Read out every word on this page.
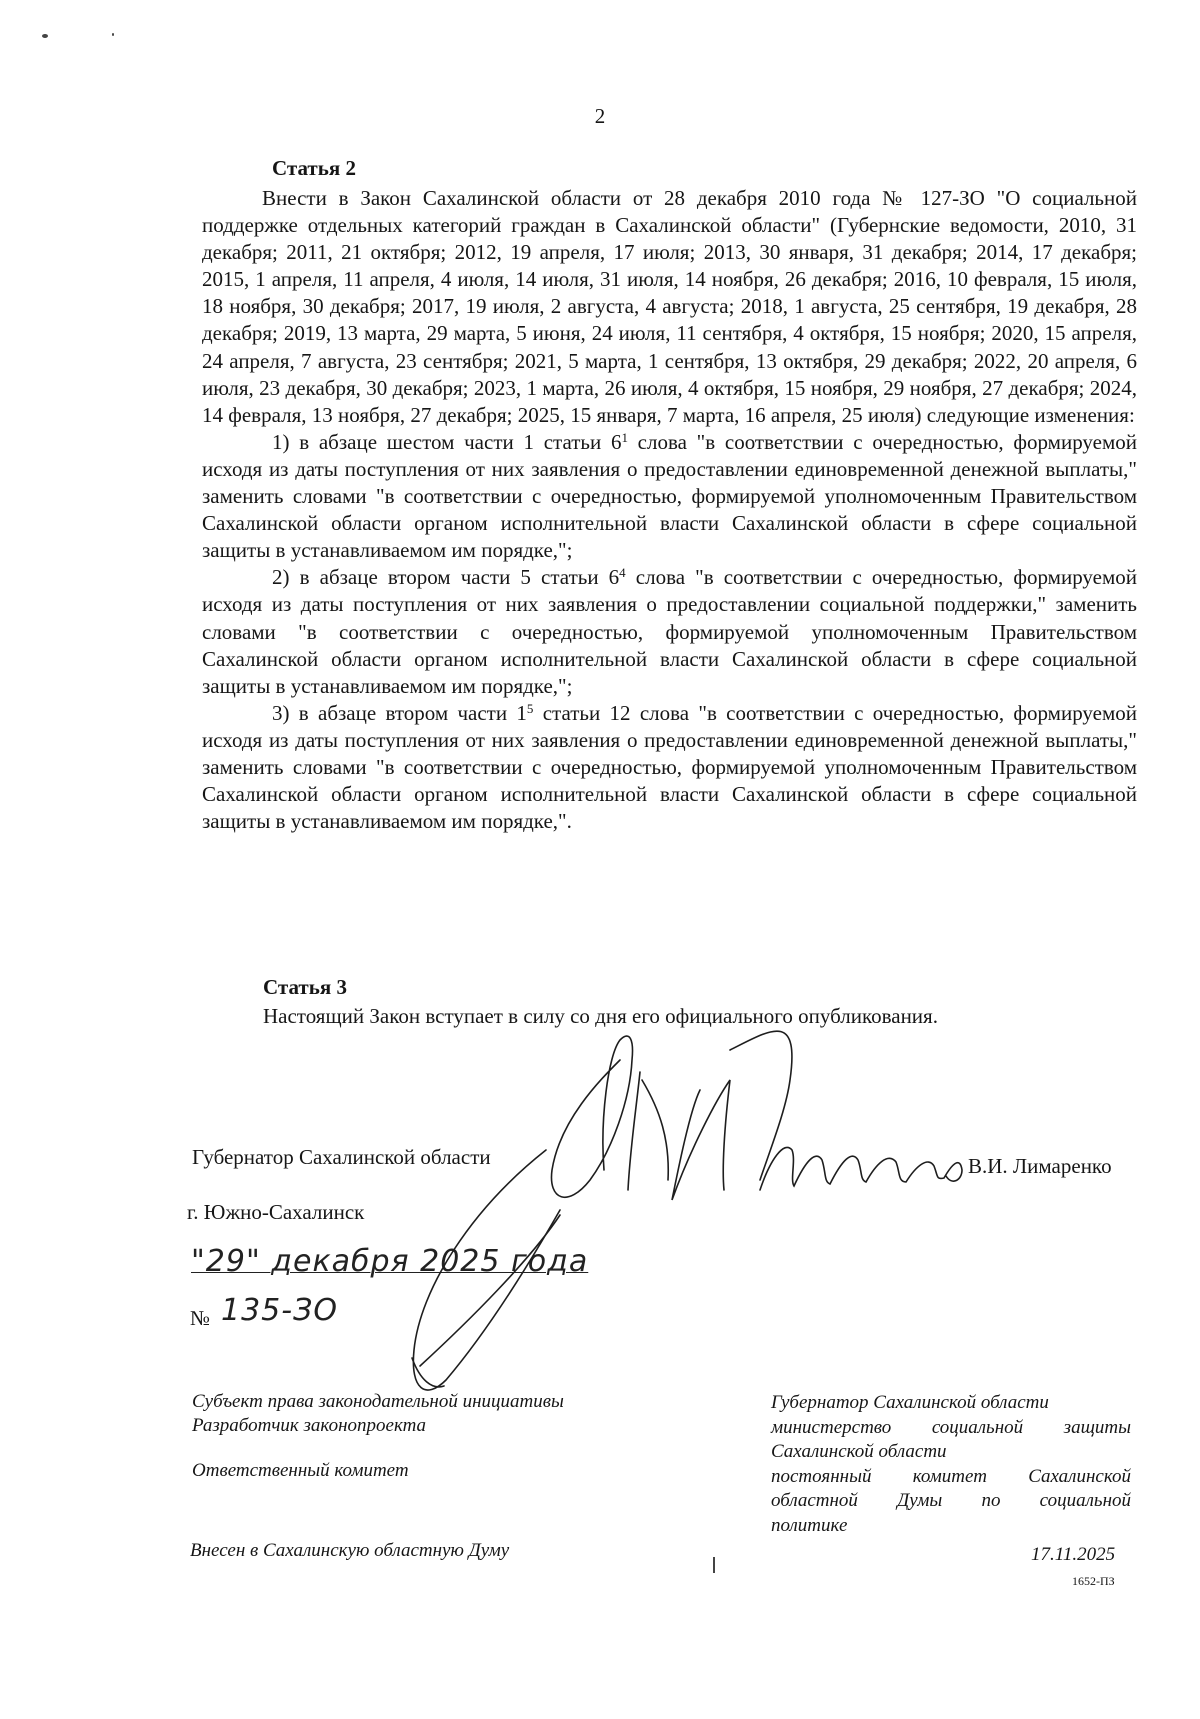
2
Статья 2

Внести в Закон Сахалинской области от 28 декабря 2010 года № 127-ЗО "О социальной поддержке отдельных категорий граждан в Сахалинской области" (Губернские ведомости, 2010, 31 декабря; 2011, 21 октября; 2012, 19 апреля, 17 июля; 2013, 30 января, 31 декабря; 2014, 17 декабря; 2015, 1 апреля, 11 апреля, 4 июля, 14 июля, 31 июля, 14 ноября, 26 декабря; 2016, 10 февраля, 15 июля, 18 ноября, 30 декабря; 2017, 19 июля, 2 августа, 4 августа; 2018, 1 августа, 25 сентября, 19 декабря, 28 декабря; 2019, 13 марта, 29 марта, 5 июня, 24 июля, 11 сентября, 4 октября, 15 ноября; 2020, 15 апреля, 24 апреля, 7 августа, 23 сентября; 2021, 5 марта, 1 сентября, 13 октября, 29 декабря; 2022, 20 апреля, 6 июля, 23 декабря, 30 декабря; 2023, 1 марта, 26 июля, 4 октября, 15 ноября, 29 ноября, 27 декабря; 2024, 14 февраля, 13 ноября, 27 декабря; 2025, 15 января, 7 марта, 16 апреля, 25 июля) следующие изменения:

1) в абзаце шестом части 1 статьи $6^1$ слова "в соответствии с очередностью, формируемой исходя из даты поступления от них заявления о предоставлении единовременной денежной выплаты," заменить словами "в соответствии с очередностью, формируемой уполномоченным Правительством Сахалинской области органом исполнительной власти Сахалинской области в сфере социальной защиты в устанавливаемом им порядке,";

2) в абзаце втором части 5 статьи $6^4$ слова "в соответствии с очередностью, формируемой исходя из даты поступления от них заявления о предоставлении социальной поддержки," заменить словами "в соответствии с очередностью, формируемой уполномоченным Правительством Сахалинской области органом исполнительной власти Сахалинской области в сфере социальной защиты в устанавливаемом им порядке,";

3) в абзаце втором части $1^5$ статьи 12 слова "в соответствии с очередностью, формируемой исходя из даты поступления от них заявления о предоставлении единовременной денежной выплаты," заменить словами "в соответствии с очередностью, формируемой уполномоченным Правительством Сахалинской области органом исполнительной власти Сахалинской области в сфере социальной защиты в устанавливаемом им порядке,".

Статья 3
Настоящий Закон вступает в силу со дня его официального опубликования.
Губернатор Сахалинской области	В.И. Лимаренко
г. Южно-Сахалинск
"29" декабря 2025 года
№ 135-ЗО
Субъект права законодательной инициативы
Разработчик законопроекта
Ответственный комитет
Внесен в Сахалинскую областную Думу
Губернатор Сахалинской области
министерство социальной защиты
Сахалинской области
постоянный комитет Сахалинской
областной Думы по социальной
политике
17.11.2025
1652-ПЗ
